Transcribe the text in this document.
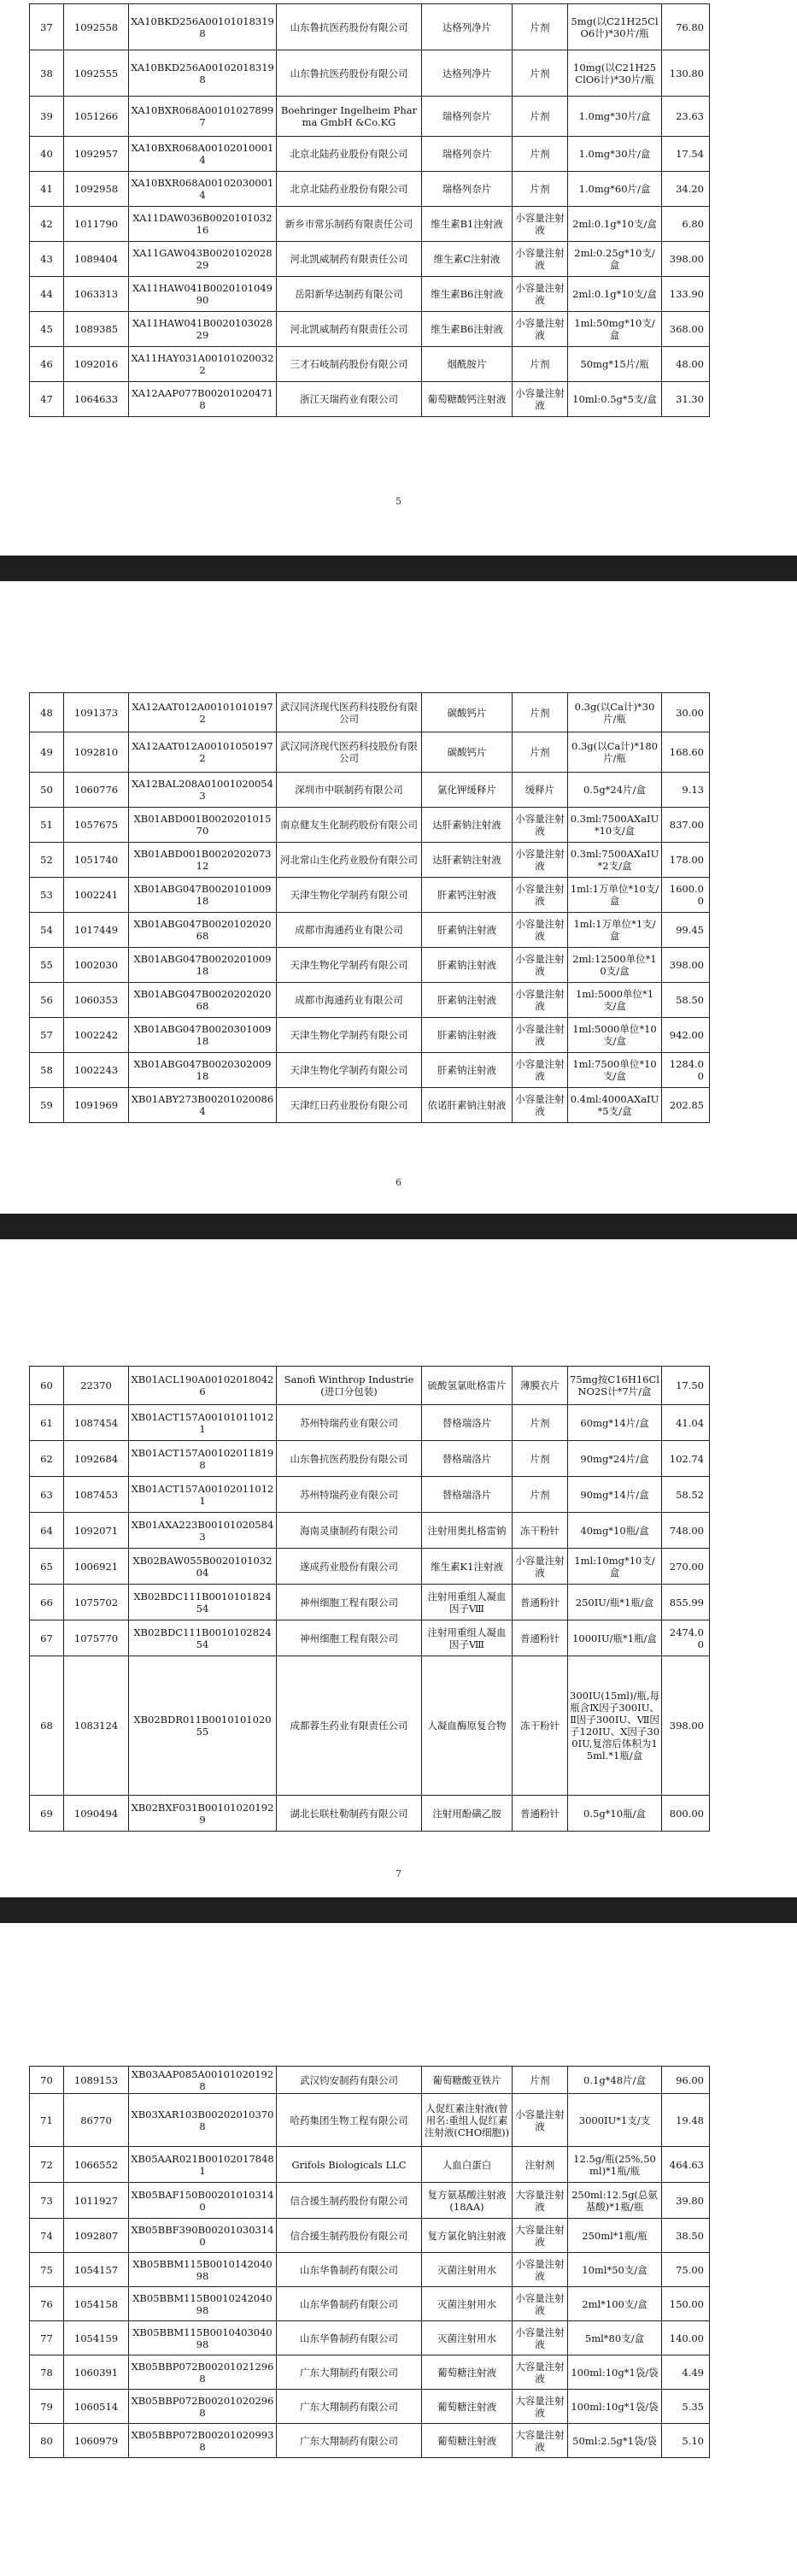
37	1092558	XA10BKD256A001010183198	山东鲁抗医药股份有限公司	达格列净片	片剂	5mg(以C21H25ClO6计)*30片/瓶	76.80
38	1092555	XA10BKD256A001020183198	山东鲁抗医药股份有限公司	达格列净片	片剂	10mg(以C21H25ClO6计)*30片/瓶	130.80
39	1051266	XA10BXR068A001010278997	Boehringer Ingelheim Pharma GmbH &Co.KG	瑞格列奈片	片剂	1.0mg*30片/盒	23.63
40	1092957	XA10BXR068A001020100014	北京北陆药业股份有限公司	瑞格列奈片	片剂	1.0mg*30片/盒	17.54
41	1092958	XA10BXR068A001020300014	北京北陆药业股份有限公司	瑞格列奈片	片剂	1.0mg*60片/盒	34.20
42	1011790	XA11DAW036B002010103216	新乡市常乐制药有限责任公司	维生素B1注射液	小容量注射液	2ml:0.1g*10支/盒	6.80
43	1089404	XA11GAW043B002010202829	河北凯威制药有限责任公司	维生素C注射液	小容量注射液	2ml:0.25g*10支/盒	398.00
44	1063313	XA11HAW041B002010104990	岳阳新华达制药有限公司	维生素B6注射液	小容量注射液	2ml:0.1g*10支/盒	133.90
45	1089385	XA11HAW041B002010302829	河北凯威制药有限责任公司	维生素B6注射液	小容量注射液	1ml:50mg*10支/盒	368.00
46	1092016	XA11HAY031A001010200322	三才石岐制药股份有限公司	烟酰胺片	片剂	50mg*15片/瓶	48.00
47	1064633	XA12AAP077B002010204718	浙江天瑞药业有限公司	葡萄糖酸钙注射液	小容量注射液	10ml:0.5g*5支/盒	31.30
5
48	1091373	XA12AAT012A001010101972	武汉同济现代医药科技股份有限公司	碳酸钙片	片剂	0.3g(以Ca计)*30片/瓶	30.00
49	1092810	XA12AAT012A001010501972	武汉同济现代医药科技股份有限公司	碳酸钙片	片剂	0.3g(以Ca计)*180片/瓶	168.60
50	1060776	XA12BAL208A010010200543	深圳市中联制药有限公司	氯化钾缓释片	缓释片	0.5g*24片/盒	9.13
51	1057675	XB01ABD001B002020101570	南京健友生化制药股份有限公司	达肝素钠注射液	小容量注射液	0.3ml:7500AXaIU*10支/盒	837.00
52	1051740	XB01ABD001B002020207312	河北常山生化药业股份有限公司	达肝素钠注射液	小容量注射液	0.3ml:7500AXaIU*2支/盒	178.00
53	1002241	XB01ABG047B002010100918	天津生物化学制药有限公司	肝素钙注射液	小容量注射液	1ml:1万单位*10支/盒	1600.00
54	1017449	XB01ABG047B002010202068	成都市海通药业有限公司	肝素钠注射液	小容量注射液	1ml:1万单位*1支/盒	99.45
55	1002030	XB01ABG047B002020100918	天津生物化学制药有限公司	肝素钠注射液	小容量注射液	2ml:12500单位*10支/盒	398.00
56	1060353	XB01ABG047B002020202068	成都市海通药业有限公司	肝素钠注射液	小容量注射液	1ml:5000单位*1支/盒	58.50
57	1002242	XB01ABG047B002030100918	天津生物化学制药有限公司	肝素钠注射液	小容量注射液	1ml:5000单位*10支/盒	942.00
58	1002243	XB01ABG047B002030200918	天津生物化学制药有限公司	肝素钠注射液	小容量注射液	1ml:7500单位*10支/盒	1284.00
59	1091969	XB01ABY273B002010200864	天津红日药业股份有限公司	依诺肝素钠注射液	小容量注射液	0.4ml:4000AXaIU*5支/盒	202.85
6
60	22370	XB01ACL190A001020180426	Sanofi Winthrop Industrie(进口分包装)	硫酸氢氯吡格雷片	薄膜衣片	75mg按C16H16ClNO2S计*7片/盒	17.50
61	1087454	XB01ACT157A001010110121	苏州特瑞药业有限公司	替格瑞洛片	片剂	60mg*14片/盒	41.04
62	1092684	XB01ACT157A001020118198	山东鲁抗医药股份有限公司	替格瑞洛片	片剂	90mg*24片/盒	102.74
63	1087453	XB01ACT157A001020110121	苏州特瑞药业有限公司	替格瑞洛片	片剂	90mg*14片/盒	58.52
64	1092071	XB01AXA223B001010205843	海南灵康制药有限公司	注射用奥扎格雷钠	冻干粉针	40mg*10瓶/盒	748.00
65	1006921	XB02BAW055B002010103204	遂成药业股份有限公司	维生素K1注射液	小容量注射液	1ml:10mg*10支/盒	270.00
66	1075702	XB02BDC111B001010182454	神州细胞工程有限公司	注射用重组人凝血因子Ⅷ	普通粉针	250IU/瓶*1瓶/盒	855.99
67	1075770	XB02BDC111B001010282454	神州细胞工程有限公司	注射用重组人凝血因子Ⅷ	普通粉针	1000IU/瓶*1瓶/盒	2474.00
68	1083124	XB02BDR011B001010102055	成都蓉生药业有限责任公司	人凝血酶原复合物	冻干粉针	300IU(15ml)/瓶,每瓶含Ⅸ因子300IU、Ⅱ因子300IU、Ⅶ因子120IU、Ⅹ因子300IU,复溶后体积为15ml.*1瓶/盒	398.00
69	1090494	XB02BXF031B001010201929	湖北长联杜勒制药有限公司	注射用酚磺乙胺	普通粉针	0.5g*10瓶/盒	800.00
7
70	1089153	XB03AAP085A001010201928	武汉钧安制药有限公司	葡萄糖酸亚铁片	片剂	0.1g*48片/盒	96.00
71	86770	XB03XAR103B002020103708	哈药集团生物工程有限公司	人促红素注射液(曾用名:重组人促红素注射液(CHO细胞))	小容量注射液	3000IU*1支/支	19.48
72	1066552	XB05AAR021B001020178481	Grifols Biologicals LLC	人血白蛋白	注射剂	12.5g/瓶(25%,50ml)*1瓶/瓶	464.63
73	1011927	XB05BAF150B002010103140	信合援生制药股份有限公司	复方氨基酸注射液(18AA)	大容量注射液	250ml:12.5g(总氨基酸)*1瓶/瓶	39.80
74	1092807	XB05BBF390B002010303140	信合援生制药股份有限公司	复方氯化钠注射液	大容量注射液	250ml*1瓶/瓶	38.50
75	1054157	XB05BBM115B001014204098	山东华鲁制药有限公司	灭菌注射用水	小容量注射液	10ml*50支/盒	75.00
76	1054158	XB05BBM115B001024204098	山东华鲁制药有限公司	灭菌注射用水	小容量注射液	2ml*100支/盒	150.00
77	1054159	XB05BBM115B001040304098	山东华鲁制药有限公司	灭菌注射用水	小容量注射液	5ml*80支/盒	140.00
78	1060391	XB05BBP072B002010212968	广东大翔制药有限公司	葡萄糖注射液	大容量注射液	100ml:10g*1袋/袋	4.49
79	1060514	XB05BBP072B002010202968	广东大翔制药有限公司	葡萄糖注射液	大容量注射液	100ml:10g*1袋/袋	5.35
80	1060979	XB05BBP072B002010209938	广东大翔制药有限公司	葡萄糖注射液	大容量注射液	50ml:2.5g*1袋/袋	5.10
